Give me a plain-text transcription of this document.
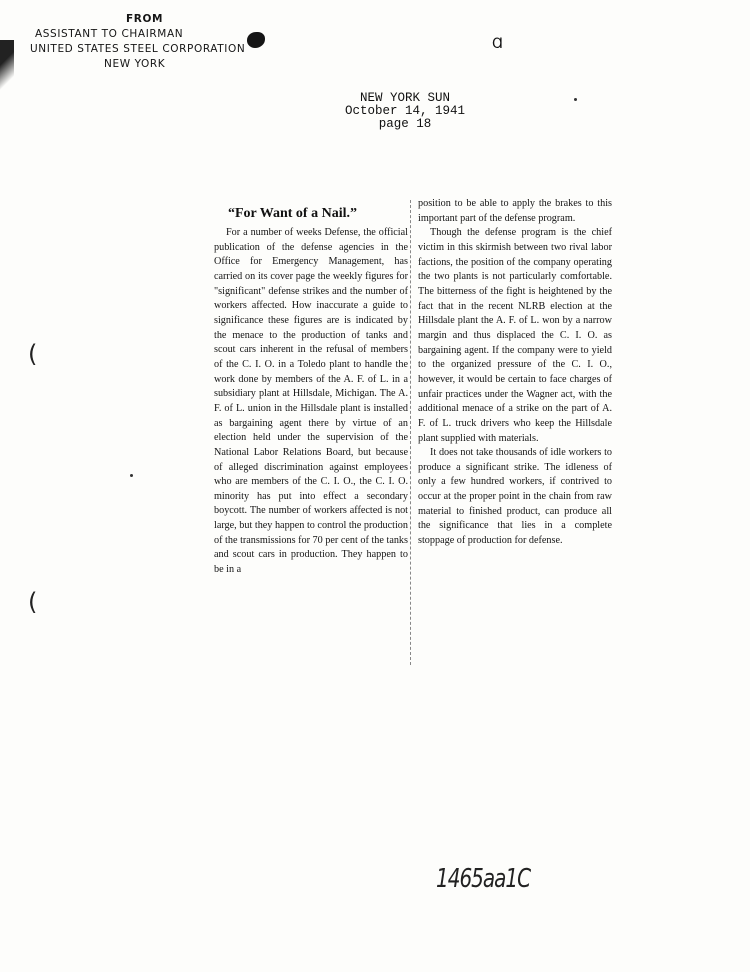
FROM
ASSISTANT TO CHAIRMAN
UNITED STATES STEEL CORPORATION
NEW YORK
Ɑ
NEW YORK SUN
October 14, 1941
page 18
“For Want of a Nail.”

For a number of weeks Defense, the official publication of the defense agencies in the Office for Emergency Management, has carried on its cover page the weekly figures for "significant" defense strikes and the number of workers affected. How inaccurate a guide to significance these figures are is indicated by the menace to the production of tanks and scout cars inherent in the refusal of members of the C. I. O. in a Toledo plant to handle the work done by members of the A. F. of L. in a subsidiary plant at Hillsdale, Michigan. The A. F. of L. union in the Hillsdale plant is installed as bargaining agent there by virtue of an election held under the supervision of the National Labor Relations Board, but because of alleged discrimination against employees who are members of the C. I. O., the C. I. O. minority has put into effect a secondary boycott. The number of workers affected is not large, but they happen to control the production of the transmissions for 70 per cent of the tanks and scout cars in production. They happen to be in a

position to be able to apply the brakes to this important part of the defense program.

Though the defense program is the chief victim in this skirmish between two rival labor factions, the position of the company operating the two plants is not particularly comfortable. The bitterness of the fight is heightened by the fact that in the recent NLRB election at the Hillsdale plant the A. F. of L. won by a narrow margin and thus displaced the C. I. O. as bargaining agent. If the company were to yield to the organized pressure of the C. I. O., however, it would be certain to face charges of unfair practices under the Wagner act, with the additional menace of a strike on the part of A. F. of L. truck drivers who keep the Hillsdale plant supplied with materials.

It does not take thousands of idle workers to produce a significant strike. The idleness of only a few hundred workers, if contrived to occur at the proper point in the chain from raw material to finished product, can produce all the significance that lies in a complete stoppage of production for defense.

(
(
1465aa1C
